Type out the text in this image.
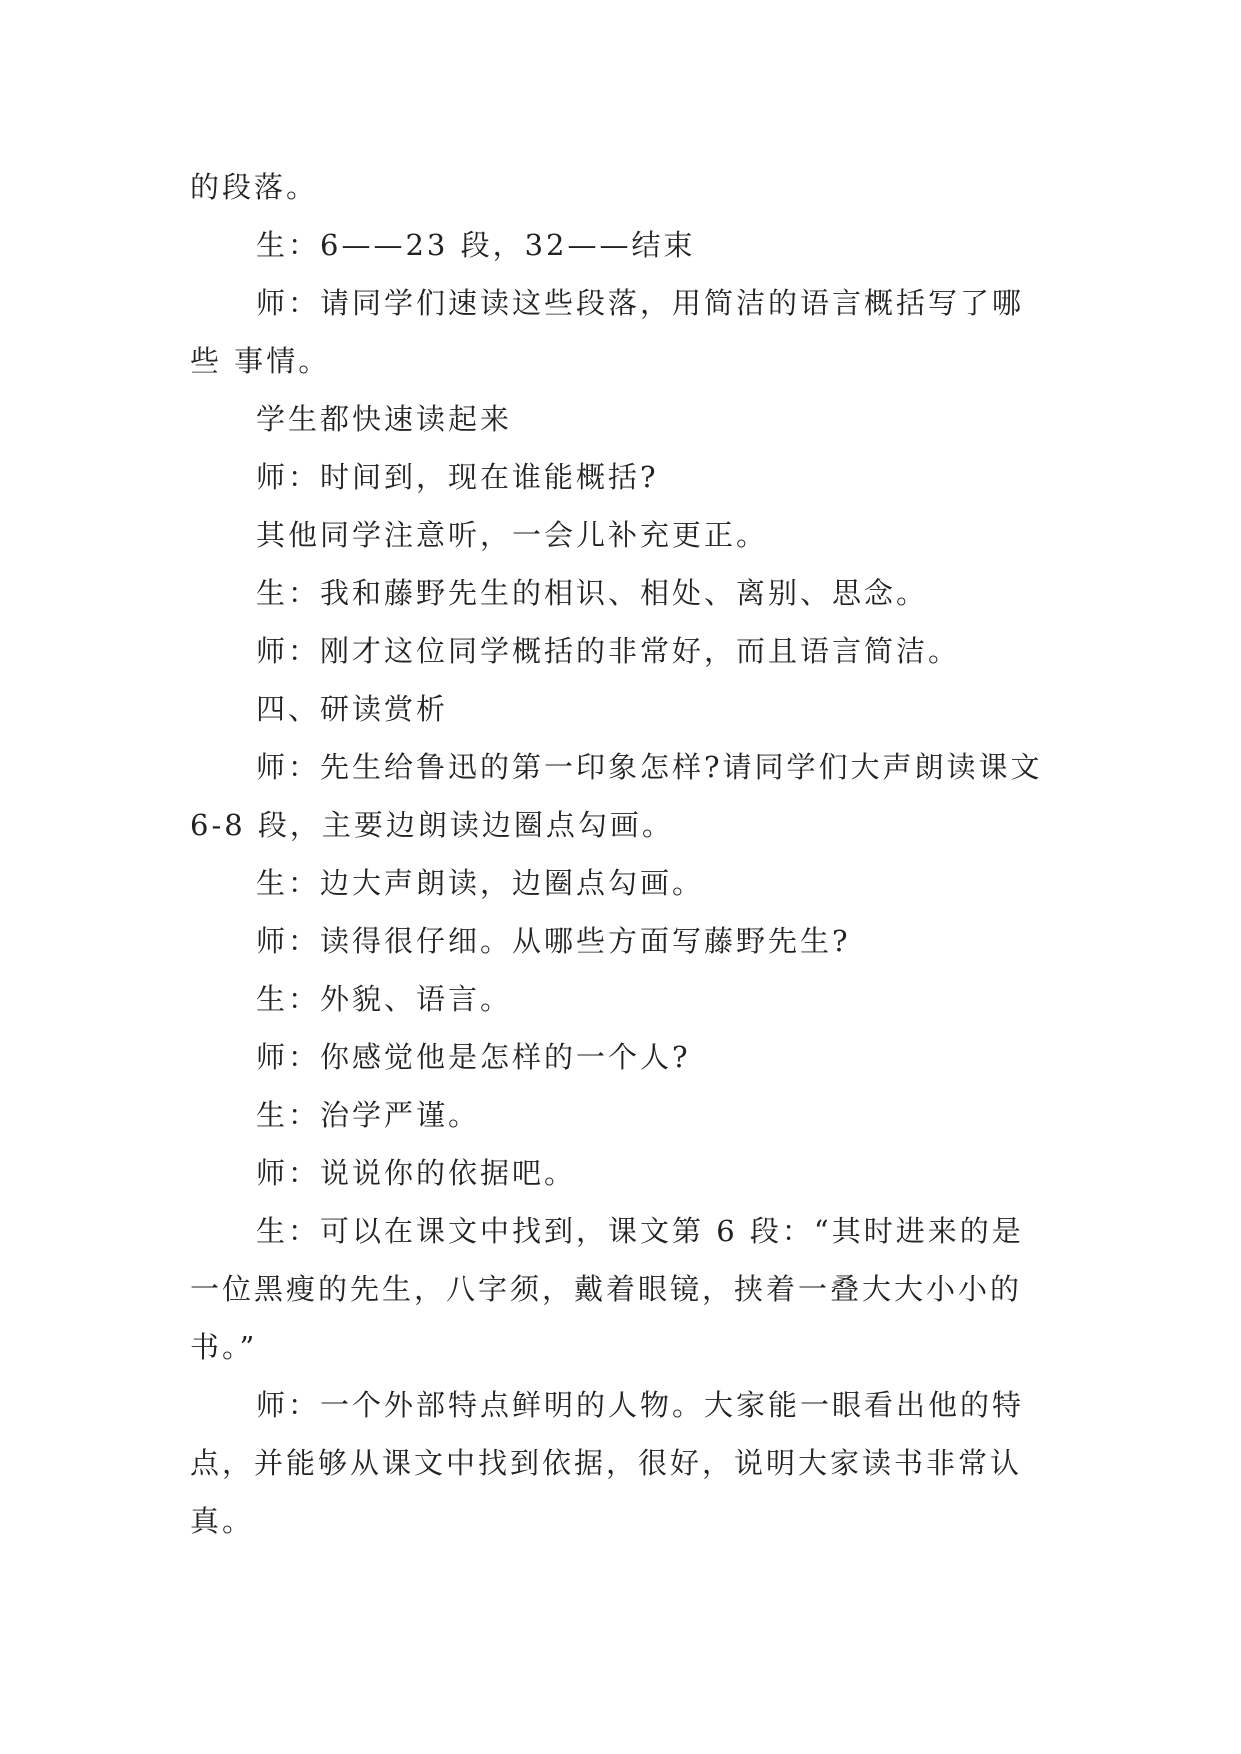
的段落。

生：6——23 段，32——结束

师：请同学们速读这些段落，用简洁的语言概括写了哪些 事情。

学生都快速读起来

师：时间到，现在谁能概括?

其他同学注意听，一会儿补充更正。

生：我和藤野先生的相识、相处、离别、思念。

师：刚才这位同学概括的非常好，而且语言简洁。

四、研读赏析

师：先生给鲁迅的第一印象怎样?请同学们大声朗读课文 6-8 段，主要边朗读边圈点勾画。

生：边大声朗读，边圈点勾画。

师：读得很仔细。从哪些方面写藤野先生?

生：外貌、语言。

师：你感觉他是怎样的一个人?

生：治学严谨。

师：说说你的依据吧。

生：可以在课文中找到，课文第 6 段：“其时进来的是一位黑瘦的先生，八字须，戴着眼镜，挟着一叠大大小小的书。”

师：一个外部特点鲜明的人物。大家能一眼看出他的特点，并能够从课文中找到依据，很好，说明大家读书非常认真。
